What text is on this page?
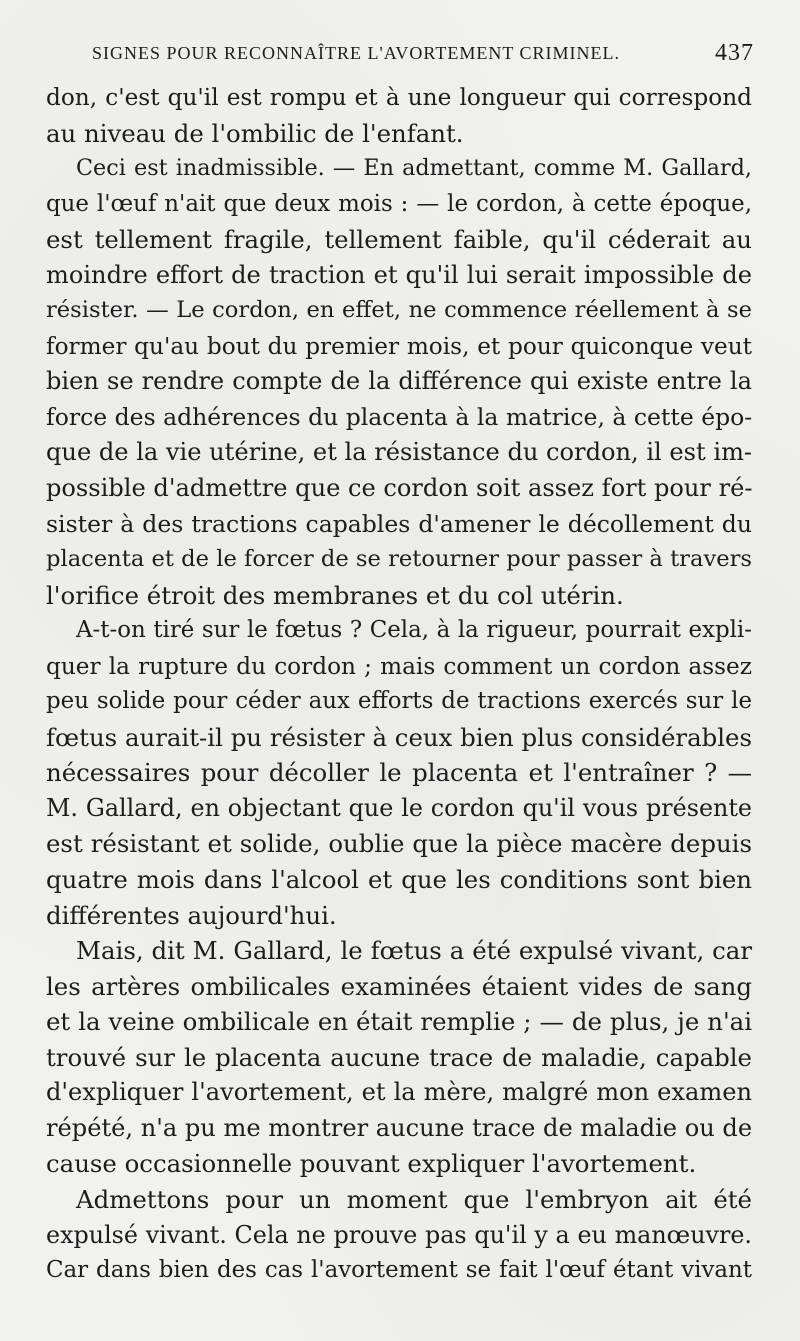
SIGNES POUR RECONNAÎTRE L'AVORTEMENT CRIMINEL.	437
don, c'est qu'il est rompu et à une longueur qui correspond
au niveau de l'ombilic de l'enfant.
Ceci est inadmissible. — En admettant, comme M. Gallard,
que l'œuf n'ait que deux mois : — le cordon, à cette époque,
est tellement fragile, tellement faible, qu'il céderait au
moindre effort de traction et qu'il lui serait impossible de
résister. — Le cordon, en effet, ne commence réellement à se
former qu'au bout du premier mois, et pour quiconque veut
bien se rendre compte de la différence qui existe entre la
force des adhérences du placenta à la matrice, à cette épo-
que de la vie utérine, et la résistance du cordon, il est im-
possible d'admettre que ce cordon soit assez fort pour ré-
sister à des tractions capables d'amener le décollement du
placenta et de le forcer de se retourner pour passer à travers
l'orifice étroit des membranes et du col utérin.
A-t-on tiré sur le fœtus ? Cela, à la rigueur, pourrait expli-
quer la rupture du cordon ; mais comment un cordon assez
peu solide pour céder aux efforts de tractions exercés sur le
fœtus aurait-il pu résister à ceux bien plus considérables
nécessaires pour décoller le placenta et l'entraîner ? —
M. Gallard, en objectant que le cordon qu'il vous présente
est résistant et solide, oublie que la pièce macère depuis
quatre mois dans l'alcool et que les conditions sont bien
différentes aujourd'hui.
Mais, dit M. Gallard, le fœtus a été expulsé vivant, car
les artères ombilicales examinées étaient vides de sang
et la veine ombilicale en était remplie ; — de plus, je n'ai
trouvé sur le placenta aucune trace de maladie, capable
d'expliquer l'avortement, et la mère, malgré mon examen
répété, n'a pu me montrer aucune trace de maladie ou de
cause occasionnelle pouvant expliquer l'avortement.
Admettons pour un moment que l'embryon ait été
expulsé vivant. Cela ne prouve pas qu'il y a eu manœuvre.
Car dans bien des cas l'avortement se fait l'œuf étant vivant
